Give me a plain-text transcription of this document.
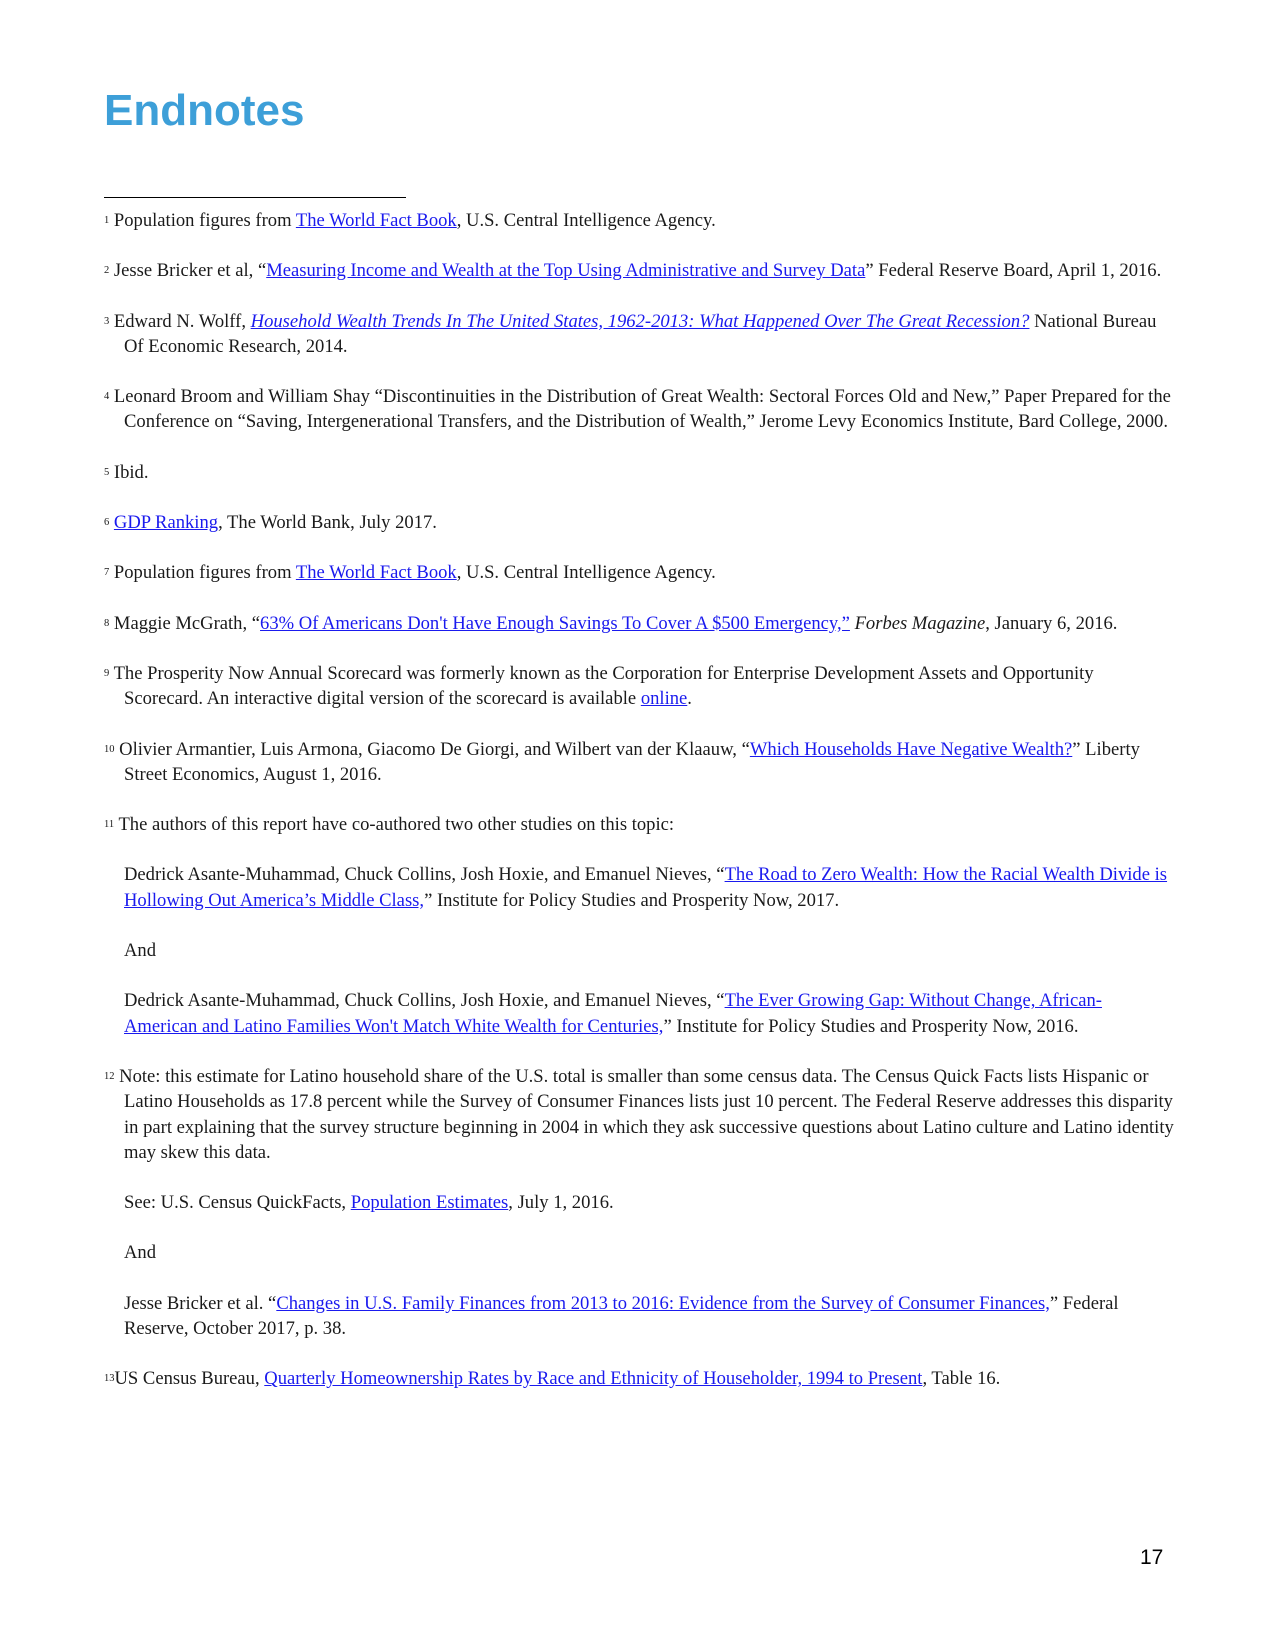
Endnotes

1 Population figures from The World Fact Book, U.S. Central Intelligence Agency.

2 Jesse Bricker et al, “Measuring Income and Wealth at the Top Using Administrative and Survey Data” Federal Reserve Board, April 1, 2016.

3 Edward N. Wolff, Household Wealth Trends In The United States, 1962-2013: What Happened Over The Great Recession? National Bureau Of Economic Research, 2014.

4 Leonard Broom and William Shay “Discontinuities in the Distribution of Great Wealth: Sectoral Forces Old and New,” Paper Prepared for the Conference on “Saving, Intergenerational Transfers, and the Distribution of Wealth,” Jerome Levy Economics Institute, Bard College, 2000.

5 Ibid.

6 GDP Ranking, The World Bank, July 2017.

7 Population figures from The World Fact Book, U.S. Central Intelligence Agency.

8 Maggie McGrath, “63% Of Americans Don't Have Enough Savings To Cover A $500 Emergency,” Forbes Magazine, January 6, 2016.

9 The Prosperity Now Annual Scorecard was formerly known as the Corporation for Enterprise Development Assets and Opportunity Scorecard. An interactive digital version of the scorecard is available online.

10 Olivier Armantier, Luis Armona, Giacomo De Giorgi, and Wilbert van der Klaauw, “Which Households Have Negative Wealth?” Liberty Street Economics, August 1, 2016.

11 The authors of this report have co-authored two other studies on this topic:

Dedrick Asante-Muhammad, Chuck Collins, Josh Hoxie, and Emanuel Nieves, “The Road to Zero Wealth: How the Racial Wealth Divide is Hollowing Out America’s Middle Class,” Institute for Policy Studies and Prosperity Now, 2017.

And

Dedrick Asante-Muhammad, Chuck Collins, Josh Hoxie, and Emanuel Nieves, “The Ever Growing Gap: Without Change, African-American and Latino Families Won't Match White Wealth for Centuries,” Institute for Policy Studies and Prosperity Now, 2016.

12 Note: this estimate for Latino household share of the U.S. total is smaller than some census data. The Census Quick Facts lists Hispanic or Latino Households as 17.8 percent while the Survey of Consumer Finances lists just 10 percent. The Federal Reserve addresses this disparity in part explaining that the survey structure beginning in 2004 in which they ask successive questions about Latino culture and Latino identity may skew this data.

See: U.S. Census QuickFacts, Population Estimates, July 1, 2016.

And

Jesse Bricker et al. “Changes in U.S. Family Finances from 2013 to 2016: Evidence from the Survey of Consumer Finances,” Federal Reserve, October 2017, p. 38.

13US Census Bureau, Quarterly Homeownership Rates by Race and Ethnicity of Householder, 1994 to Present, Table 16.

17
